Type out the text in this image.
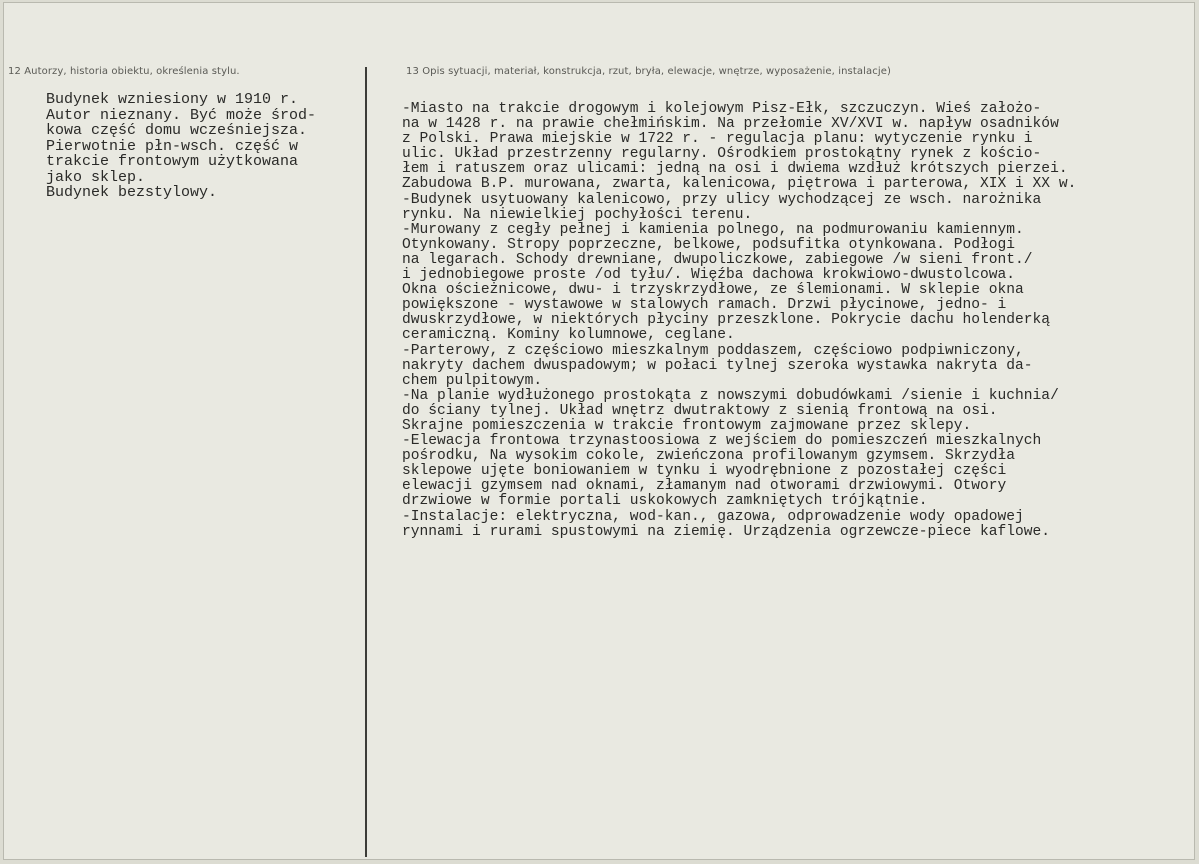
12 Autorzy, historia obiektu, określenia stylu.	13 Opis sytuacji, materiał, konstrukcja, rzut, bryła, elewacje, wnętrze, wyposażenie, instalacje)
Budynek wzniesiony w 1910 r.
Autor nieznany. Być może środ-
kowa część domu wcześniejsza.
Pierwotnie płn-wsch. część w
trakcie frontowym użytkowana
jako sklep.
Budynek bezstylowy.
-Miasto na trakcie drogowym i kolejowym Pisz-Ełk, szczuczyn. Wieś założo-
na w 1428 r. na prawie chełmińskim. Na przełomie XV/XVI w. napływ osadników
z Polski. Prawa miejskie w 1722 r. - regulacja planu: wytyczenie rynku i
ulic. Układ przestrzenny regularny. Ośrodkiem prostokątny rynek z kościo-
łem i ratuszem oraz ulicami: jedną na osi i dwiema wzdłuż krótszych pierzei.
Zabudowa B.P. murowana, zwarta, kalenicowa, piętrowa i parterowa, XIX i XX w.
-Budynek usytuowany kalenicowo, przy ulicy wychodzącej ze wsch. narożnika
rynku. Na niewielkiej pochyłości terenu.
-Murowany z cegły pełnej i kamienia polnego, na podmurowaniu kamiennym.
Otynkowany. Stropy poprzeczne, belkowe, podsufitka otynkowana. Podłogi
na legarach. Schody drewniane, dwupoliczkowe, zabiegowe /w sieni front./
i jednobiegowe proste /od tyłu/. Więźba dachowa krokwiowo-dwustolcowa.
Okna ościeżnicowe, dwu- i trzyskrzydłowe, ze ślemionami. W sklepie okna
powiększone - wystawowe w stalowych ramach. Drzwi płycinowe, jedno- i
dwuskrzydłowe, w niektórych płyciny przeszklone. Pokrycie dachu holenderką
ceramiczną. Kominy kolumnowe, ceglane.
-Parterowy, z częściowo mieszkalnym poddaszem, częściowo podpiwniczony,
nakryty dachem dwuspadowym; w połaci tylnej szeroka wystawka nakryta da-
chem pulpitowym.
-Na planie wydłużonego prostokąta z nowszymi dobudówkami /sienie i kuchnia/
do ściany tylnej. Układ wnętrz dwutraktowy z sienią frontową na osi.
Skrajne pomieszczenia w trakcie frontowym zajmowane przez sklepy.
-Elewacja frontowa trzynastoosiowa z wejściem do pomieszczeń mieszkalnych
pośrodku, Na wysokim cokole, zwieńczona profilowanym gzymsem. Skrzydła
sklepowe ujęte boniowaniem w tynku i wyodrębnione z pozostałej części
elewacji gzymsem nad oknami, złamanym nad otworami drzwiowymi. Otwory
drzwiowe w formie portali uskokowych zamkniętych trójkątnie.
-Instalacje: elektryczna, wod-kan., gazowa, odprowadzenie wody opadowej
rynnami i rurami spustowymi na ziemię. Urządzenia ogrzewcze-piece kaflowe.
